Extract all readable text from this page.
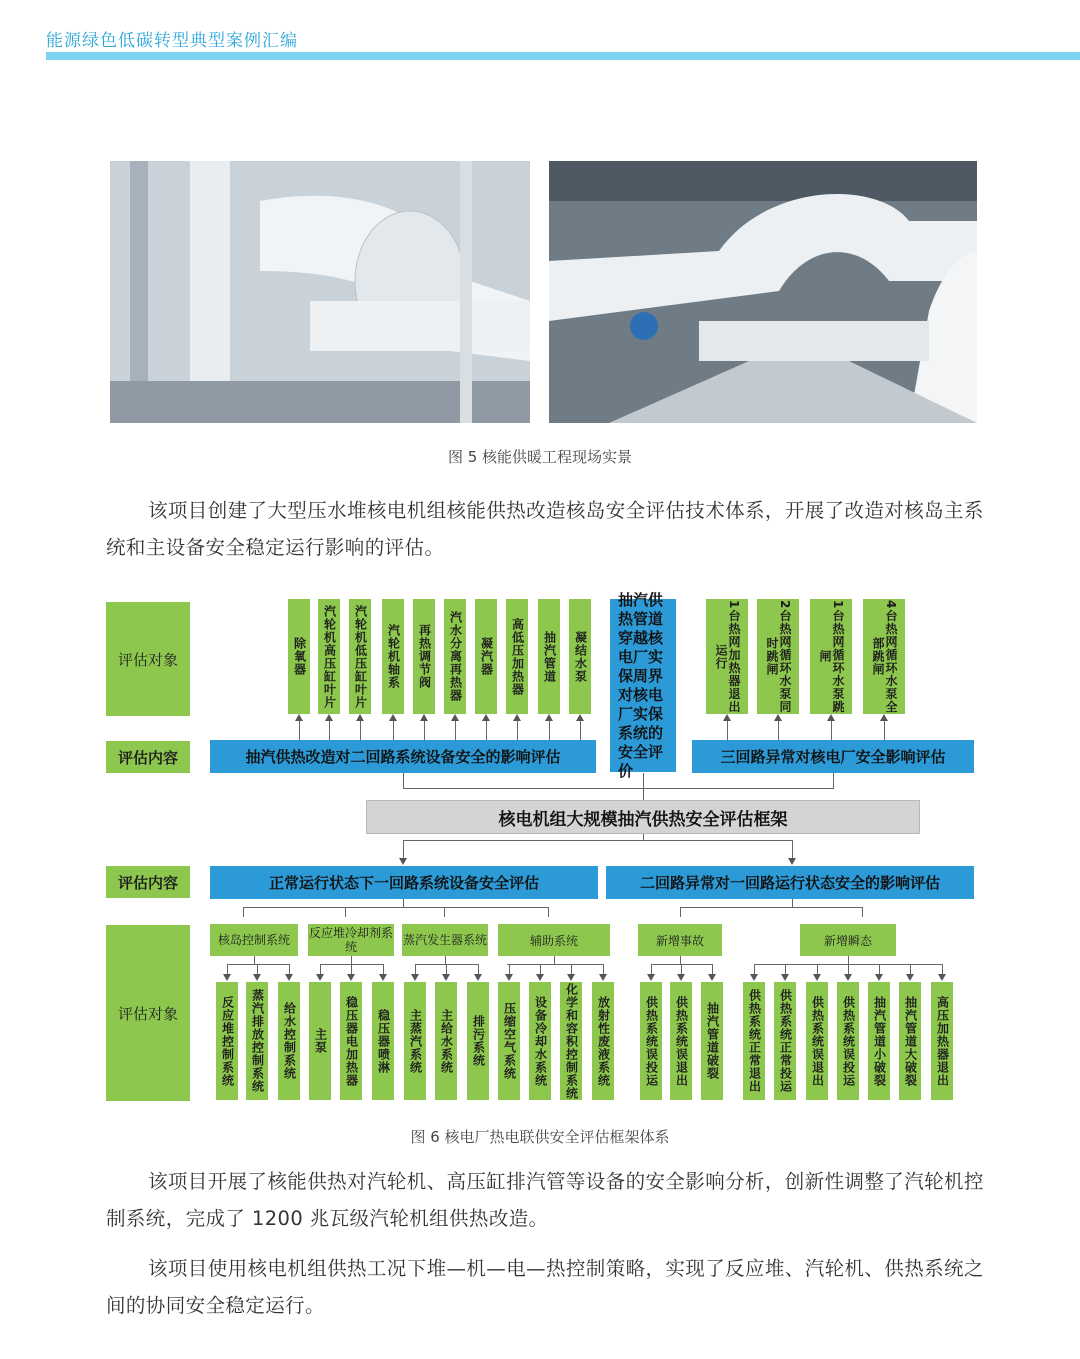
能源绿色低碳转型典型案例汇编
图 5 核能供暖工程现场实景
该项目创建了大型压水堆核电机组核能供热改造核岛安全评估技术体系，开展了改造对核岛主系统和主设备安全稳定运行影响的评估。
评估对象
评估内容
评估内容
评估对象
除氧器 汽轮机高压缸叶片 汽轮机低压缸叶片 汽轮机轴系 再热调节阀 汽水分离再热器 凝汽器 高低压加热器 抽汽管道 凝结水泵
抽汽供热管道穿越核电厂实保周界对核电厂实保系统的安全评价
1台热网加热器退出运行	2台热网循环水泵同时跳闸	1台热网循环水泵跳闸	4台热网循环水泵全部跳闸
抽汽供热改造对二回路系统设备安全的影响评估	三回路异常对核电厂安全影响评估
核电机组大规模抽汽供热安全评估框架
正常运行状态下一回路系统设备安全评估	二回路异常对一回路运行状态安全的影响评估
核岛控制系统	反应堆冷却剂系统	蒸汽发生器系统	辅助系统	新增事故	新增瞬态
反应堆控制系统 蒸汽排放控制系统 给水控制系统 主泵 稳压器电加热器 稳压器喷淋 主蒸汽系统 主给水系统 排污系统 压缩空气系统 设备冷却水系统 化学和容积控制系统 放射性废液系统	供热系统误投运 供热系统误退出 抽汽管道破裂 供热系统正常退出 供热系统正常投运 供热系统误退出 供热系统误投运 抽汽管道小破裂 抽汽管道大破裂 高压加热器退出
图 6 核电厂热电联供安全评估框架体系
该项目开展了核能供热对汽轮机、高压缸排汽管等设备的安全影响分析，创新性调整了汽轮机控制系统，完成了 1200 兆瓦级汽轮机组供热改造。
该项目使用核电机组供热工况下堆—机—电—热控制策略，实现了反应堆、汽轮机、供热系统之间的协同安全稳定运行。
